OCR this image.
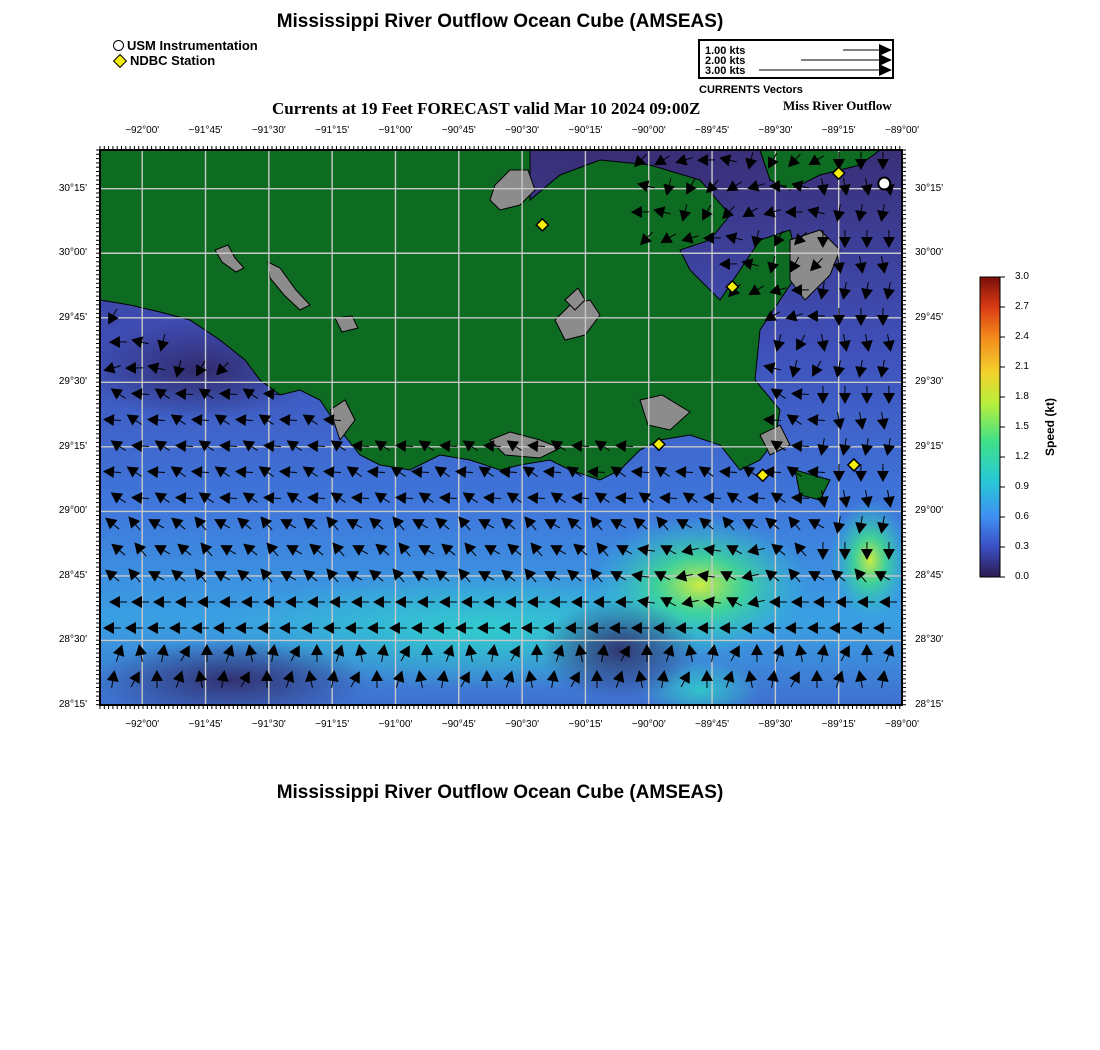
Mississippi River Outflow Ocean Cube (AMSEAS)
USM Instrumentation
NDBC Station
1.00 kts
2.00 kts
3.00 kts
CURRENTS Vectors
Currents at 19 Feet FORECAST valid Mar 10 2024 09:00Z	Miss River Outflow
−92°00'	−91°45'	−91°30'	−91°15'	−91°00'	−90°45'	−90°30'	−90°15'	−90°00'	−89°45'	−89°30'	−89°15'	−89°00'
−92°00'	−91°45'	−91°30'	−91°15'	−91°00'	−90°45'	−90°30'	−90°15'	−90°00'	−89°45'	−89°30'	−89°15'	−89°00'
30°15'
30°00'
29°45'
29°30'
29°15'
29°00'
28°45'
28°30'
28°15'
30°15'
30°00'
29°45'
29°30'
29°15'
29°00'
28°45'
28°30'
28°15'
3.0
2.7
2.4
2.1
1.8
1.5
1.2
0.9
0.6
0.3
0.0
Speed (kt)
Mississippi River Outflow Ocean Cube (AMSEAS)
